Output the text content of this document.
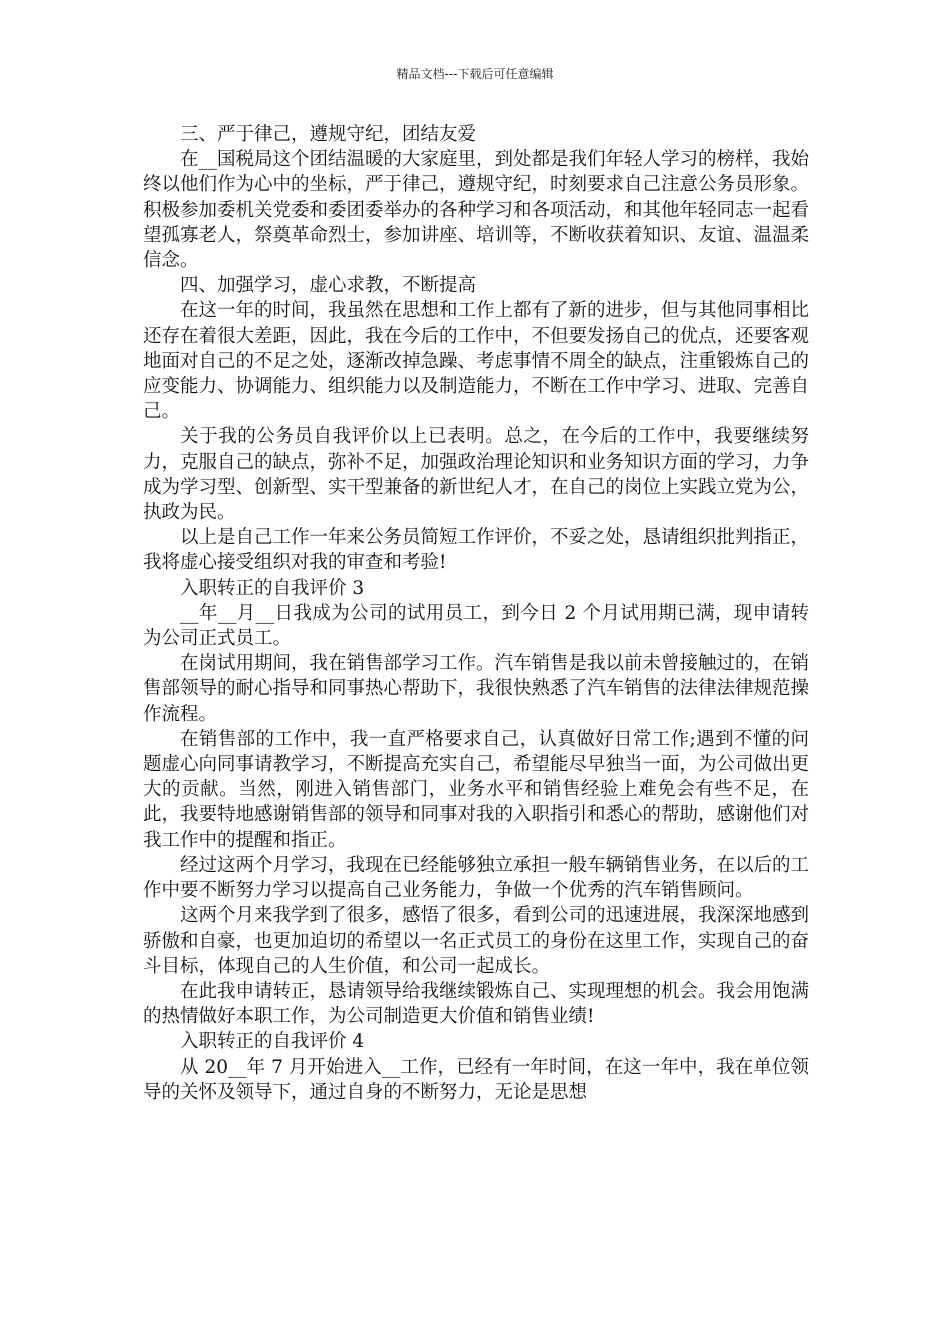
精品文档---下载后可任意编辑

三、严于律己，遵规守纪，团结友爱

在__国税局这个团结温暖的大家庭里，到处都是我们年轻人学习的榜样，我始终以他们作为心中的坐标，严于律己，遵规守纪，时刻要求自己注意公务员形象。积极参加委机关党委和委团委举办的各种学习和各项活动，和其他年轻同志一起看望孤寡老人，祭奠革命烈士，参加讲座、培训等，不断收获着知识、友谊、温温柔信念。

四、加强学习，虚心求教，不断提高

在这一年的时间，我虽然在思想和工作上都有了新的进步，但与其他同事相比还存在着很大差距，因此，我在今后的工作中，不但要发扬自己的优点，还要客观地面对自己的不足之处，逐渐改掉急躁、考虑事情不周全的缺点，注重锻炼自己的应变能力、协调能力、组织能力以及制造能力，不断在工作中学习、进取、完善自己。

关于我的公务员自我评价以上已表明。总之，在今后的工作中，我要继续努力，克服自己的缺点，弥补不足，加强政治理论知识和业务知识方面的学习，力争成为学习型、创新型、实干型兼备的新世纪人才，在自己的岗位上实践立党为公，执政为民。

以上是自己工作一年来公务员简短工作评价，不妥之处，恳请组织批判指正，我将虚心接受组织对我的审查和考验!

入职转正的自我评价 3

__年__月__日我成为公司的试用员工，到今日 2 个月试用期已满，现申请转为公司正式员工。

在岗试用期间，我在销售部学习工作。汽车销售是我以前未曾接触过的，在销售部领导的耐心指导和同事热心帮助下，我很快熟悉了汽车销售的法律法律规范操作流程。

在销售部的工作中，我一直严格要求自己，认真做好日常工作;遇到不懂的问题虚心向同事请教学习，不断提高充实自己，希望能尽早独当一面，为公司做出更大的贡献。当然，刚进入销售部门，业务水平和销售经验上难免会有些不足，在此，我要特地感谢销售部的领导和同事对我的入职指引和悉心的帮助，感谢他们对我工作中的提醒和指正。

经过这两个月学习，我现在已经能够独立承担一般车辆销售业务，在以后的工作中要不断努力学习以提高自己业务能力，争做一个优秀的汽车销售顾问。

这两个月来我学到了很多，感悟了很多，看到公司的迅速进展，我深深地感到骄傲和自豪，也更加迫切的希望以一名正式员工的身份在这里工作，实现自己的奋斗目标，体现自己的人生价值，和公司一起成长。

在此我申请转正，恳请领导给我继续锻炼自己、实现理想的机会。我会用饱满的热情做好本职工作，为公司制造更大价值和销售业绩!

入职转正的自我评价 4

从 20__年 7 月开始进入__工作，已经有一年时间，在这一年中，我在单位领导的关怀及领导下，通过自身的不断努力，无论是思想
